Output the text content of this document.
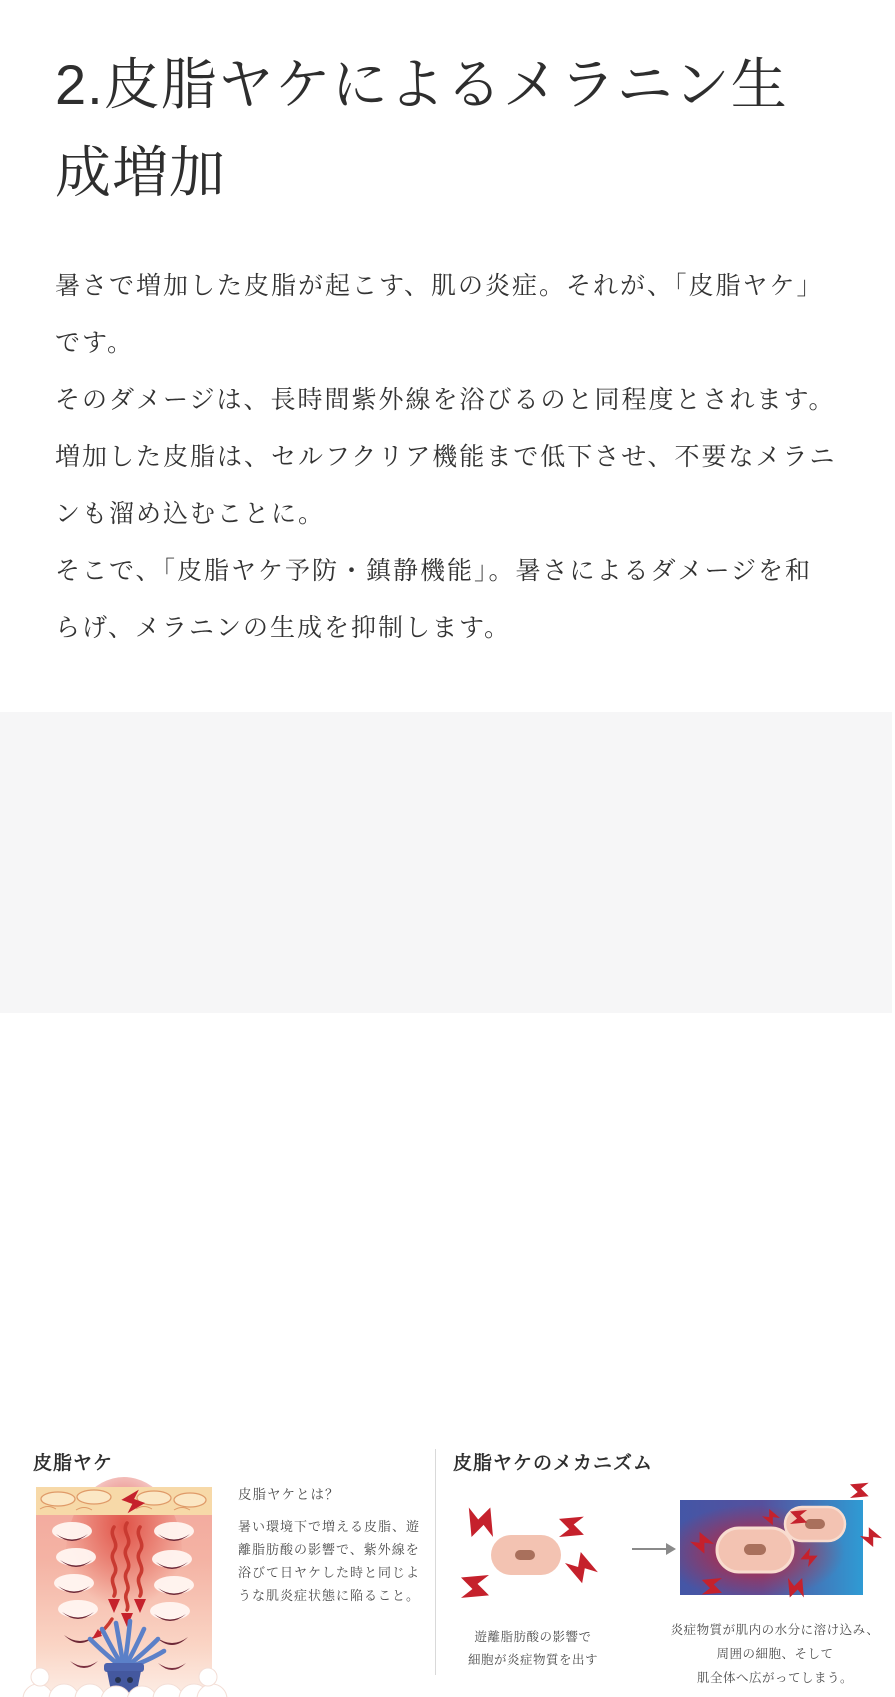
2.皮脂ヤケによるメラニン生
成増加
暑さで増加した皮脂が起こす、肌の炎症。それが、「皮脂ヤケ」
です。
そのダメージは、長時間紫外線を浴びるのと同程度とされます。
増加した皮脂は、セルフクリア機能まで低下させ、不要なメラニ
ンも溜め込むことに。
そこで、「皮脂ヤケ予防・鎮静機能」。暑さによるダメージを和
らげ、メラニンの生成を抑制します。
皮脂ヤケ
皮脂ヤケとは？
暑い環境下で増える皮脂、遊
離脂肪酸の影響で、紫外線を
浴びて日ヤケした時と同じよ
うな肌炎症状態に陥ること。
皮脂ヤケのメカニズム
遊離脂肪酸の影響で
細胞が炎症物質を出す
炎症物質が肌内の水分に溶け込み、
周囲の細胞、そして
肌全体へ広がってしまう。
